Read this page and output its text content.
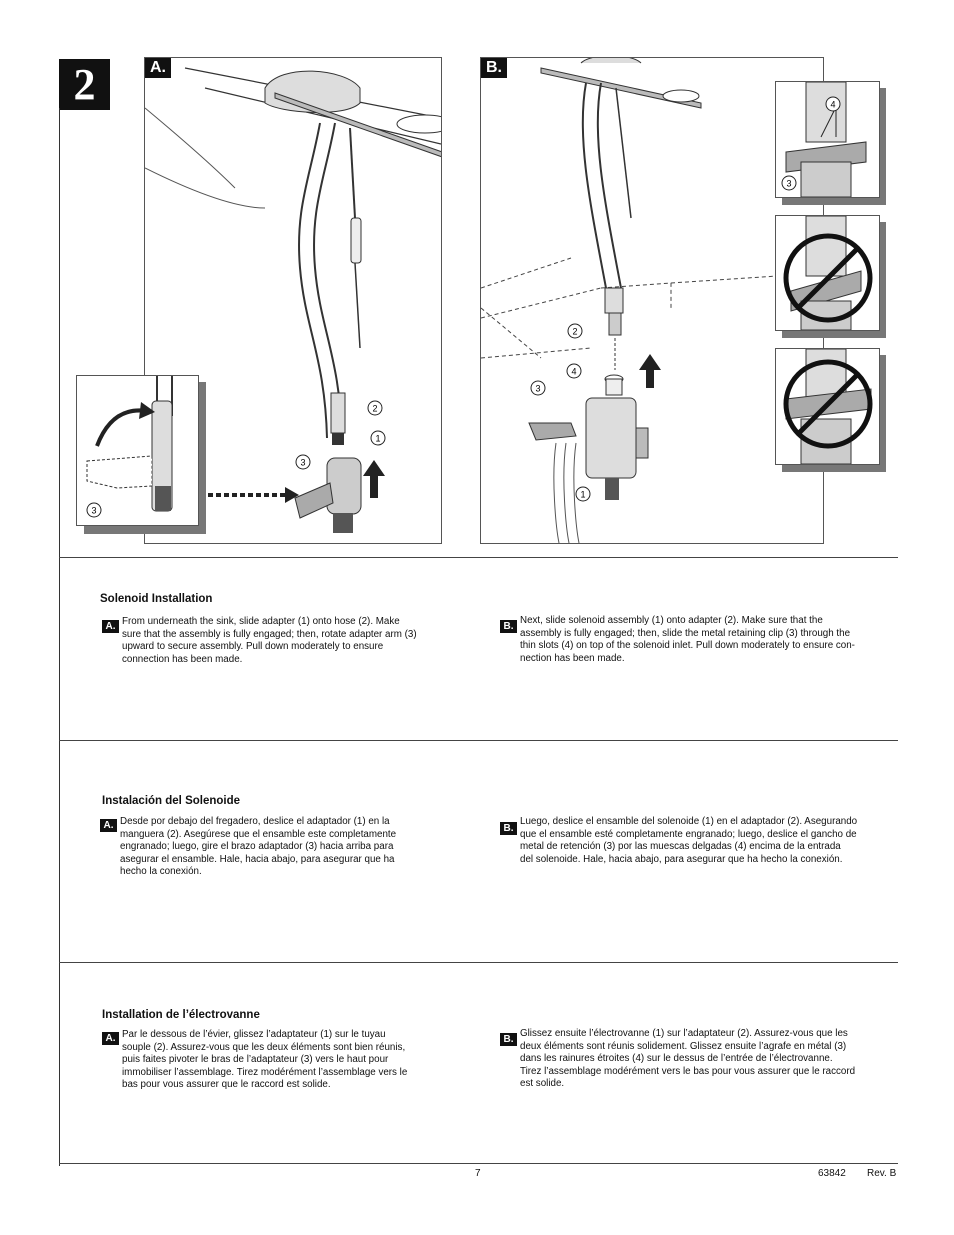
2	A.
2
1
3
3
B.
2
4
3
1
4
3
Solenoid Installation
A. From underneath the sink, slide adapter (1) onto hose (2). Make
sure that the assembly is fully engaged; then, rotate adapter arm (3)
upward to secure assembly. Pull down moderately to ensure
connection has been made.
B.
Next, slide solenoid assembly (1) onto adapter (2). Make sure that the
assembly is fully engaged; then, slide the metal retaining clip (3) through the
thin slots (4) on top of the solenoid inlet. Pull down moderately to ensure con-
nection has been made.
Instalación del Solenoide
A. Desde por debajo del fregadero, deslice el adaptador (1) en la
manguera (2). Asegúrese que el ensamble este completamente
engranado; luego, gire el brazo adaptador (3) hacia arriba para
asegurar el ensamble. Hale, hacia abajo, para asegurar que ha
hecho la conexión.
B.
Luego, deslice el ensamble del solenoide (1) en el adaptador (2). Asegurando
que el ensamble esté completamente engranado; luego, deslice el gancho de
metal de retención (3) por las muescas delgadas (4) encima de la entrada
del solenoide. Hale, hacia abajo, para asegurar que ha hecho la conexión.
Installation de l’électrovanne
A. Par le dessous de l’évier, glissez l’adaptateur (1) sur le tuyau
souple (2). Assurez-vous que les deux éléments sont bien réunis,
puis faites pivoter le bras de l’adaptateur (3) vers le haut pour
immobiliser l’assemblage. Tirez modérément l’assemblage vers le
bas pour vous assurer que le raccord est solide.
B.
Glissez ensuite l’électrovanne (1) sur l’adaptateur (2). Assurez-vous que les
deux éléments sont réunis solidement. Glissez ensuite l’agrafe en métal (3)
dans les rainures étroites (4) sur le dessus de l’entrée de l’électrovanne.
Tirez l’assemblage modérément vers le bas pour vous assurer que le raccord
est solide.
7	63842 Rev. B
